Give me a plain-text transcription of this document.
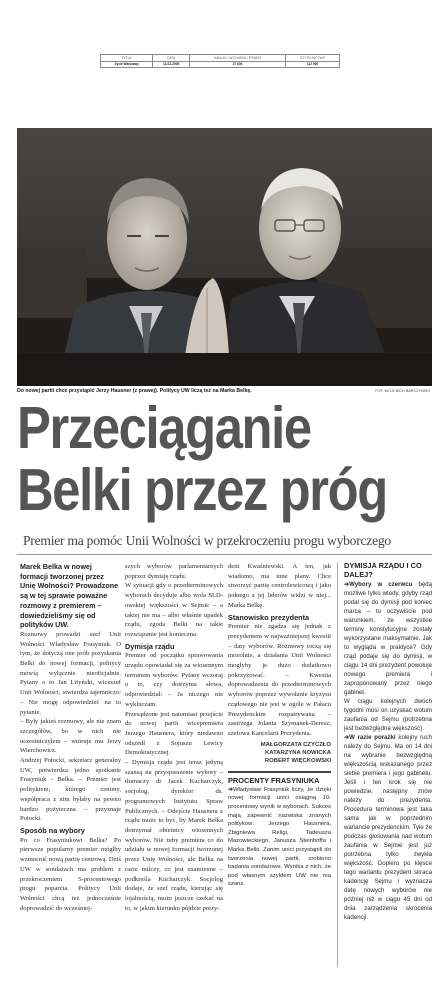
TYTUŁ	DATA	NAKŁAD / WYDAWCA / POWIAT	CZYTELNICTWO
Życie Warszawy	11-02-2005	27 600	112 000
Do nowej partii chce przystąpić Jerzy Hausner (z prawej). Politycy UW liczą też na Marka Belkę.	FOT. WOJCIECH BARCZYŃSKI
Przeciąganie
Belki przez próg
Premier ma pomóc Unii Wolności w przekroczeniu progu wyborczego

Marek Belka w nowej formacji tworzonej przez Unię Wolności? Prowadzone są w tej sprawie poważne rozmowy z premierem – dowiedzieliśmy się od polityków UW.

Rozmowy prowadzi szef Unii Wolności Władysław Frasyniuk. O tym, że dotyczą one prób pozyskania Belki do nowej formacji, politycy mówią wyłącznie nieoficjalnie. Pytany o to Jan Lityński, wiceszef Unii Wolności, stwierdza tajemniczo: – Nie mogę odpowiedzieć na to pytanie.

– Były jakieś rozmowy, ale nie znam szczegółów, bo w nich nie uczestniczyłem – wtóruje mu Jerzy Wierchowicz.

Andrzej Potocki, sekretarz generalny UW, potwierdza jedno spotkanie Frasyniuk - Belka. – Premier jest politykiem, którego cenimy, współpraca z nim byłaby na pewno bardzo pożyteczna – przyznaje Potocki.

Sposób na wybory

Po co Frasyniukowi Belka? Po pierwsze popularny premier mógłby wzmocnić nową partię centrową. Dziś UW w sondażach ma problem z przekroczeniem 5-procentowego progu poparcia. Politycy Unii Wolności chcą też jednocześnie doprowadzić do wcześniej-

szych wyborów parlamentarnych poprzez dymisję rządu.

W sytuacji gdy o przedterminowych wyborach decyduje albo wola SLD-owskiej większości w Sejmie – a takiej nie ma – albo właśnie upadek rządu, zgoda Belki na takie rozwiązanie jest konieczna.

Dymisja rządu

Premier od początku sprawowania urzędu opowiadał się za wiosennym terminem wyborów. Pytany wczoraj o to, czy dotrzyma słowa, odpowiedział: – Ja niczego nie wykluczam.

Przesądzone jest natomiast przejście do nowej partii wicepremiera Jerzego Hausnera, który niedawno odszedł z Sojuszu Lewicy Demokratycznej.

– Dymisja rządu jest teraz jedyną szansą na przyspieszenie wybory – tłumaczy dr Jacek Kucharczyk, socjolog, dyrektor ds. programowych Instytutu Spraw Publicznych. – Odejście Hausnera z rządu może to być, by Marek Belka dotrzymał obietnicy wiosennych wyborów. Nie żeby premiera co do udziału w nowej formacji tworzonej przez Unię Wolności, ale Belka na razie milczy, co jest znamienne – podkreśla Kucharczyk. Socjolog dodaje, że szef rządu, kierując się lojalnością, może jeszcze czekać na to, w jakim kierunku pójdzie prezy-

dent Kwaśniewski. A ten, jak wiadomo, ma inne plany. Chce stworzyć partię centrolewicową i jako jednego z jej liderów widzi w niej... Marka Belkę.

Stanowisko prezydenta

Premier nie zgadza się jednak z prezydentem w najważniejszej kwestii – daty wyborów. Rozmowy toczą się mozolnie, a działania Unii Wolności mogłyby je dużo dodatkowo pokrzyżować. – Kwestia doprowadzenia do przedterminowych wyborów poprzez wywołanie kryzysu rządowego nie jest w ogóle w Pałacu Prezydenckim rozpatrywana – zastrzega Jolanta Szymanek-Deresz, szefowa Kancelarii Prezydenta.

MAŁGORZATA CZYCZŁO
KATARZYNA NOWICKA
ROBERT WIĘCKOWSKI

PROCENTY FRASYNIUKA

➔Władysław Frasyniuk liczy, że dzięki nowej formacji unici osiągną 10-procentowy wynik w wyborach. Sukces mają zapewnić nazwiska znanych polityków: Jerzego Hausnera, Zbigniewa Religi, Tadeusza Mazowieckiego, Janusza Steinhoffa i Marka Belki. Zanim unici przystąpili do tworzenia nowej partii, zrobiono badania sondażowe. Wynika z nich, że pod własnym szyldem UW nie ma szans.

DYMISJA RZĄDU I CO DALEJ?

➔Wybory w czerwcu będą możliwe tylko wtedy, gdyby rząd podał się do dymisji pod koniec marca – to oczywiście pod warunkiem, że wszystkie terminy konstytucyjne zostały wykorzystane maksymalnie. Jak to wygląda w praktyce? Gdy rząd podaje się do dymisji, w ciągu 14 dni prezydent powołuje nowego premiera i zaproponowany przez niego gabinet.

W ciągu kolejnych dwóch tygodni musi on uzyskać wotum zaufania od Sejmu (potrzebna jest bezwzględna większość).

➔W razie porażki kolejny ruch należy do Sejmu. Ma on 14 dni na wybranie bezwzględną większością wskazanego przez siebie premiera i jego gabinetu. Jeśli i ten krok się nie powiedzie, następny znów należy do prezydenta. Procedura terminowa jest taka sama jak w poprzednim wariancie prezydenckim. Tyle że podczas głosowania nad wotum zaufania w Sejmie jest już potrzebna tylko zwykła większość. Dopiero po klęsce tego wariantu prezydent skraca kadencję Sejmu i wyznacza datę nowych wyborów nie później niż w ciągu 45 dni od dnia zarządzenia skrócenia kadencji.
